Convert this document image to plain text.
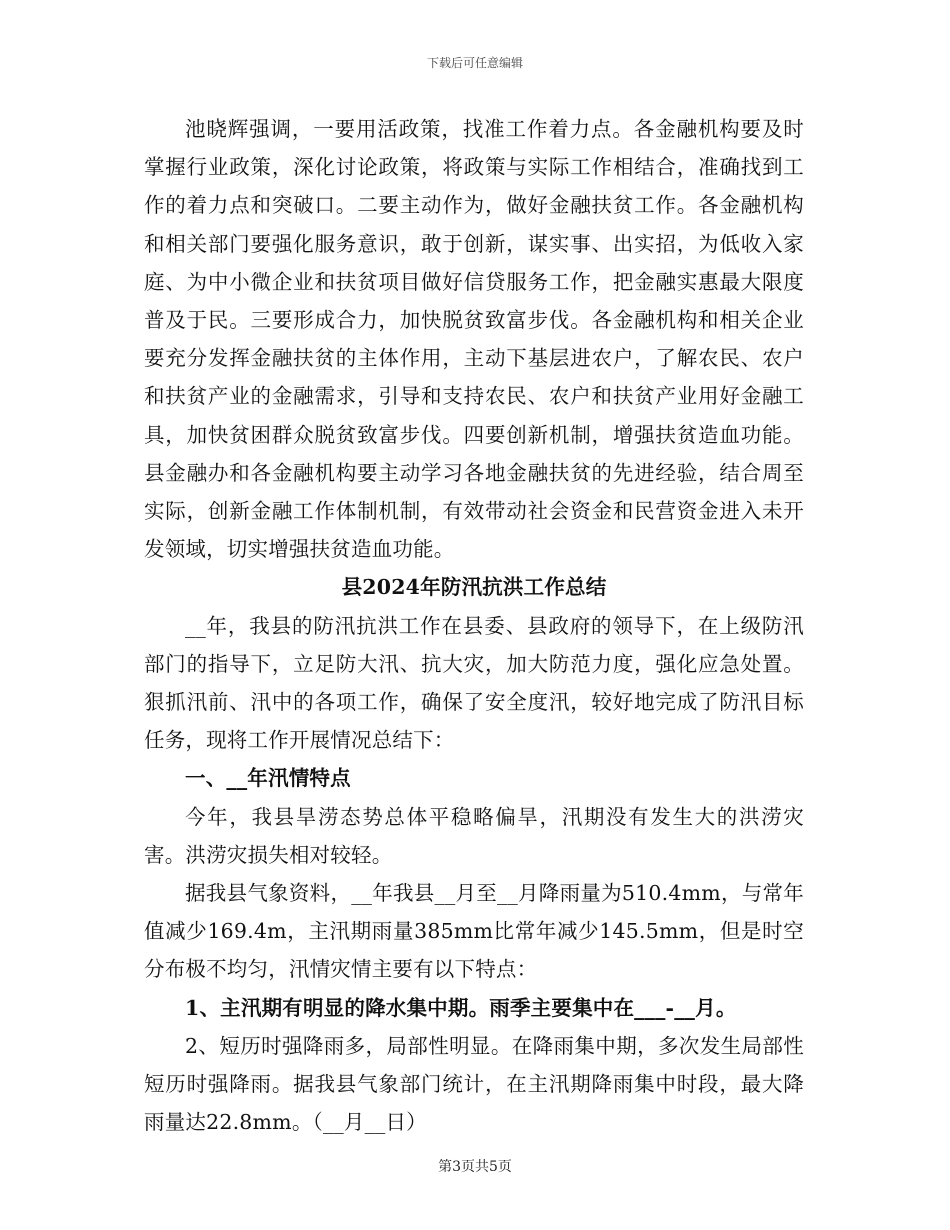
下载后可任意编辑

池晓辉强调，一要用活政策，找准工作着力点。各金融机构要及时掌握行业政策，深化讨论政策，将政策与实际工作相结合，准确找到工作的着力点和突破口。二要主动作为，做好金融扶贫工作。各金融机构和相关部门要强化服务意识，敢于创新，谋实事、出实招，为低收入家庭、为中小微企业和扶贫项目做好信贷服务工作，把金融实惠最大限度普及于民。三要形成合力，加快脱贫致富步伐。各金融机构和相关企业要充分发挥金融扶贫的主体作用，主动下基层进农户，了解农民、农户和扶贫产业的金融需求，引导和支持农民、农户和扶贫产业用好金融工具，加快贫困群众脱贫致富步伐。四要创新机制，增强扶贫造血功能。县金融办和各金融机构要主动学习各地金融扶贫的先进经验，结合周至实际，创新金融工作体制机制，有效带动社会资金和民营资金进入未开发领域，切实增强扶贫造血功能。

县2024年防汛抗洪工作总结

__年，我县的防汛抗洪工作在县委、县政府的领导下，在上级防汛部门的指导下，立足防大汛、抗大灾，加大防范力度，强化应急处置。狠抓汛前、汛中的各项工作，确保了安全度汛，较好地完成了防汛目标任务，现将工作开展情况总结下：

一、__年汛情特点

今年，我县旱涝态势总体平稳略偏旱，汛期没有发生大的洪涝灾害。洪涝灾损失相对较轻。

据我县气象资料，__年我县__月至__月降雨量为510.4mm，与常年值减少169.4m，主汛期雨量385mm比常年减少145.5mm，但是时空分布极不均匀，汛情灾情主要有以下特点：

1、主汛期有明显的降水集中期。雨季主要集中在___-__月。

2、短历时强降雨多，局部性明显。在降雨集中期，多次发生局部性短历时强降雨。据我县气象部门统计，在主汛期降雨集中时段，最大降雨量达22.8mm。（__月__日）

第3页共5页
